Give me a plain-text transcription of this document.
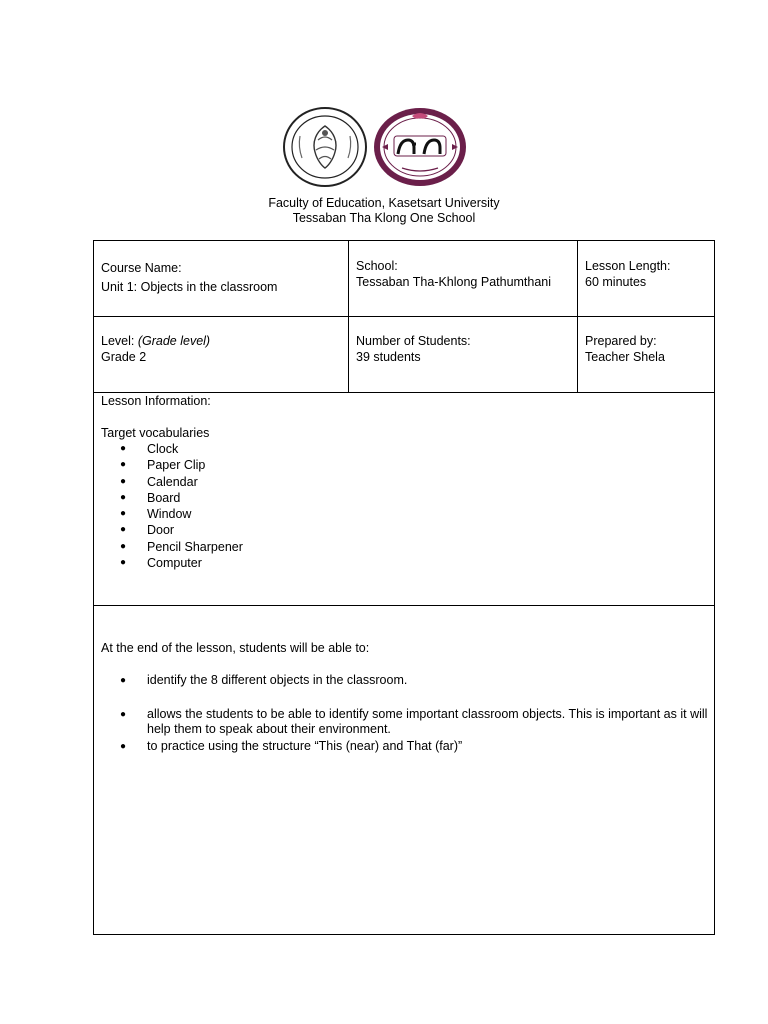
Faculty of Education, Kasetsart University
Tessaban Tha Klong One School
Course Name:
Unit 1: Objects in the classroom
School:
Tessaban Tha-Khlong Pathumthani
Lesson Length:
60 minutes
Level: (Grade level)
Grade 2
Number of Students:
39 students
Prepared by:
Teacher Shela
Lesson Information:
Target vocabularies
● Clock
● Paper Clip
● Calendar
● Board
● Window
● Door
● Pencil Sharpener
● Computer
At the end of the lesson, students will be able to:
● identify the 8 different objects in the classroom.
● allows the students to be able to identify some important classroom objects. This is important as it will help them to speak about their environment.
● to practice using the structure “This (near) and That (far)”
